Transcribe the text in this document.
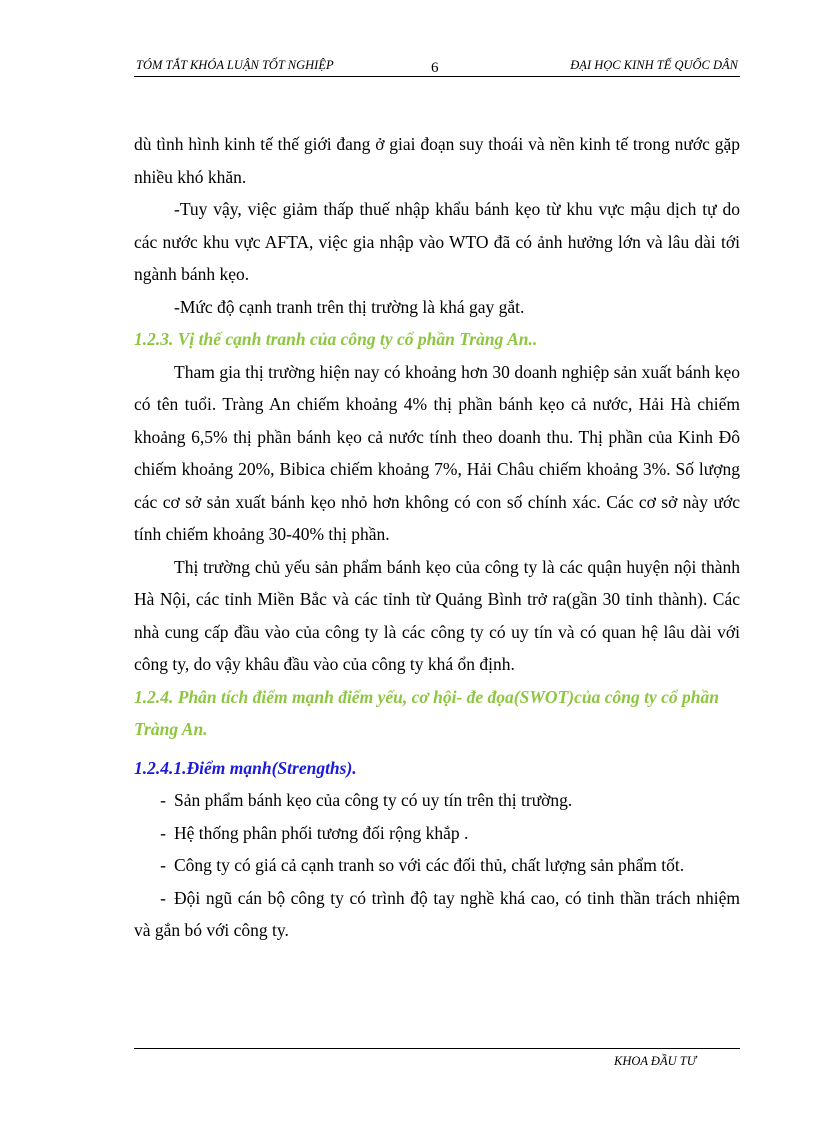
TÓM TẮT KHÓA LUẬN TỐT NGHIỆP	6	ĐẠI HỌC KINH TẾ QUỐC DÂN

dù tình hình kinh tế thế giới đang ở giai đoạn suy thoái và nền kinh tế trong nước gặp nhiều khó khăn.

-Tuy vậy, việc giảm thấp thuế nhập khẩu bánh kẹo từ khu vực mậu dịch tự do các nước khu vực AFTA, việc gia nhập vào WTO đã có ảnh hưởng lớn và lâu dài tới ngành bánh kẹo.

-Mức độ cạnh tranh trên thị trường là khá gay gắt.

1.2.3. Vị thế cạnh tranh của công ty cổ phần Tràng An..

Tham gia thị trường hiện nay có khoảng hơn 30 doanh nghiệp sản xuất bánh kẹo có tên tuổi. Tràng An chiếm khoảng 4% thị phần bánh kẹo cả nước, Hải Hà chiếm khoảng 6,5% thị phần bánh kẹo cả nước tính theo doanh thu. Thị phần của Kinh Đô chiếm khoảng 20%, Bibica chiếm khoảng 7%, Hải Châu chiếm khoảng 3%. Số lượng các cơ sở sản xuất bánh kẹo nhỏ hơn không có con số chính xác. Các cơ sở này ước tính chiếm khoảng 30-40% thị phần.

Thị trường chủ yếu sản phẩm bánh kẹo của công ty là các quận huyện nội thành Hà Nội, các tỉnh Miền Bắc và các tỉnh từ Quảng Bình trở ra(gần 30 tỉnh thành). Các nhà cung cấp đầu vào của công ty là các công ty có uy tín và có quan hệ lâu dài với công ty, do vậy khâu đầu vào của công ty khá ổn định.

1.2.4. Phân tích điểm mạnh điểm yếu, cơ hội- đe đọa(SWOT)của công ty cổ phần Tràng An.
1.2.4.1.Điểm mạnh(Strengths).

- Sản phẩm bánh kẹo của công ty có uy tín trên thị trường.

- Hệ thống phân phối tương đối rộng khắp .

- Công ty có giá cả cạnh tranh so với các đối thủ, chất lượng sản phẩm tốt.

- Đội ngũ cán bộ công ty có trình độ tay nghề khá cao, có tinh thần trách nhiệm và gắn bó với công ty.

KHOA ĐẦU TƯ
